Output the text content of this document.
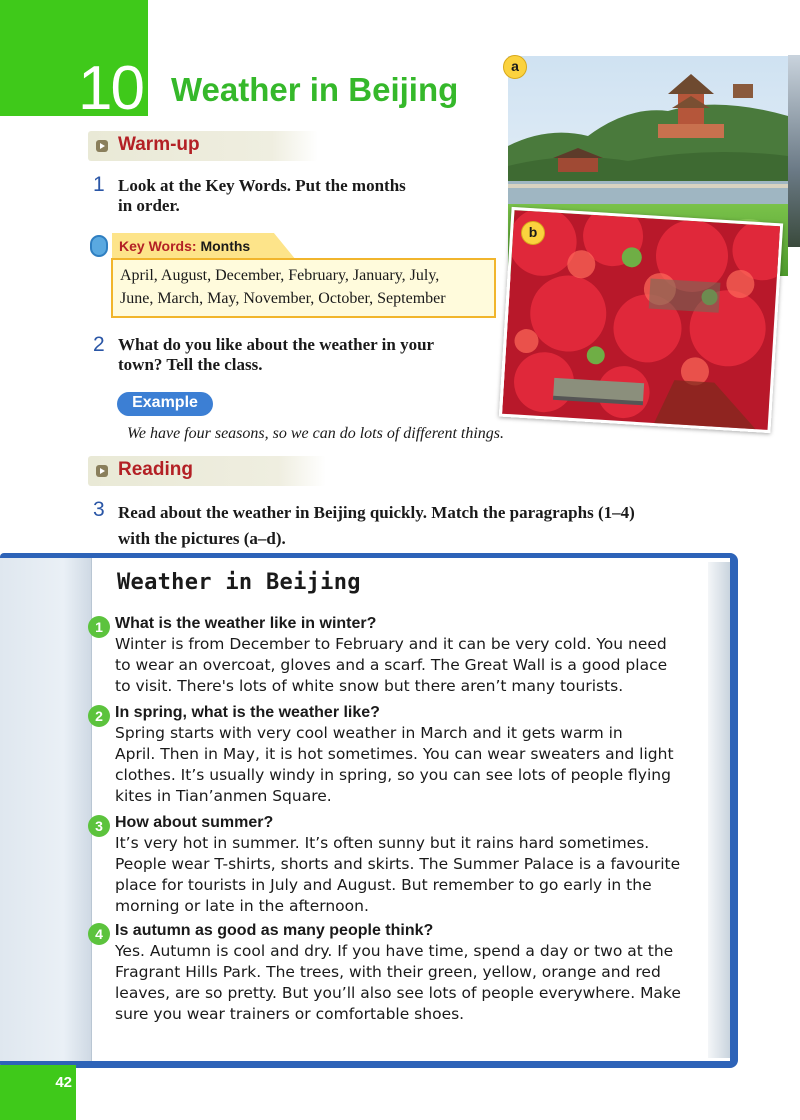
10 Weather in Beijing
Warm-up
1 Look at the Key Words. Put the months
in order.
Key Words: Months
April, August, December, February, January, July,
June, March, May, November, October, September
2 What do you like about the weather in your
town? Tell the class.
Example
We have four seasons, so we can do lots of different things.
Reading
3 Read about the weather in Beijing quickly. Match the paragraphs (1–4)
with the pictures (a–d).
a
b
Weather in Beijing
1 What is the weather like in winter?
Winter is from December to February and it can be very cold. You need
to wear an overcoat, gloves and a scarf. The Great Wall is a good place
to visit. There's lots of white snow but there aren’t many tourists.
2 In spring, what is the weather like?
Spring starts with very cool weather in March and it gets warm in
April. Then in May, it is hot sometimes. You can wear sweaters and light
clothes. It’s usually windy in spring, so you can see lots of people flying
kites in Tian’anmen Square.
3 How about summer?
It’s very hot in summer. It’s often sunny but it rains hard sometimes.
People wear T-shirts, shorts and skirts. The Summer Palace is a favourite
place for tourists in July and August. But remember to go early in the
morning or late in the afternoon.
4 Is autumn as good as many people think?
Yes. Autumn is cool and dry. If you have time, spend a day or two at the
Fragrant Hills Park. The trees, with their green, yellow, orange and red
leaves, are so pretty. But you’ll also see lots of people everywhere. Make
sure you wear trainers or comfortable shoes.
42
